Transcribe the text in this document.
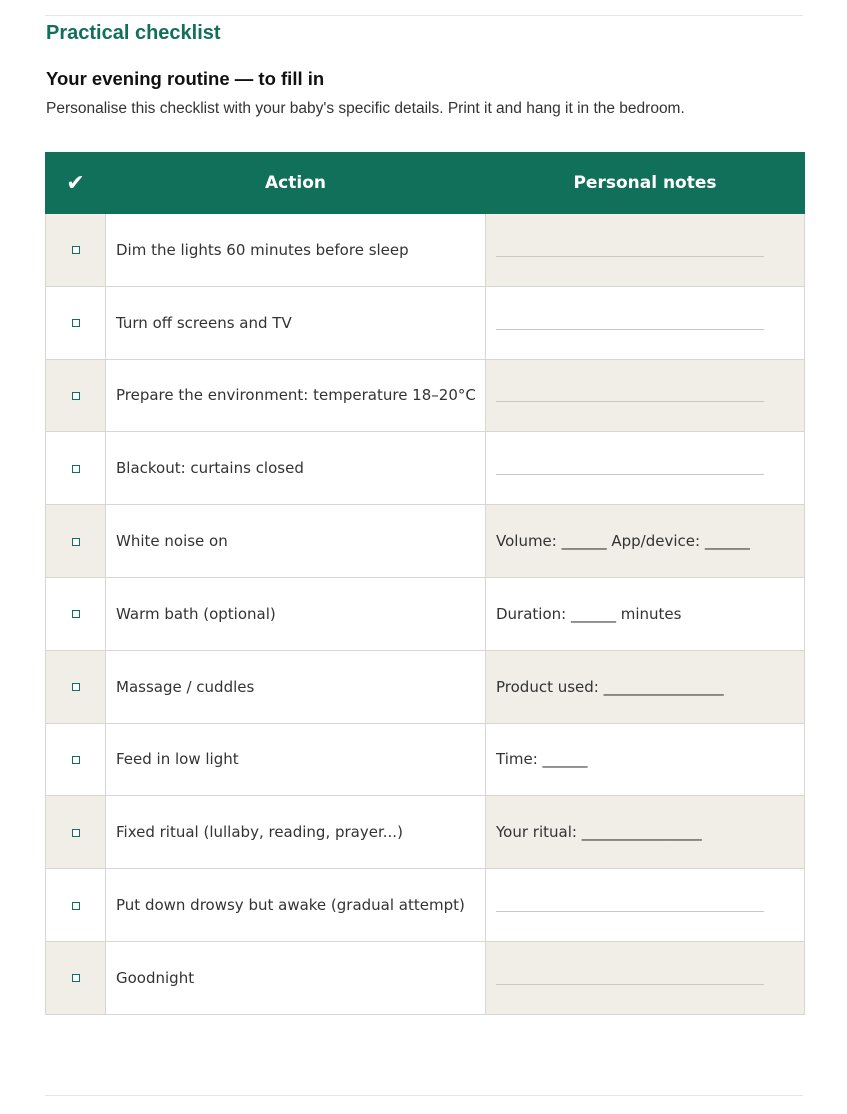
Practical checklist
Your evening routine — to fill in
Personalise this checklist with your baby's specific details. Print it and hang it in the bedroom.
✔	Action	Personal notes
	Dim the lights 60 minutes before sleep	

	Turn off screens and TV	

	Prepare the environment: temperature 18–20°C	

	Blackout: curtains closed	

	White noise on	Volume: ______ App/device: ______
	Warm bath (optional)	Duration: ______ minutes
	Massage / cuddles	Product used: ________________
	Feed in low light	Time: ______
	Fixed ritual (lullaby, reading, prayer...)	Your ritual: ________________
	Put down drowsy but awake (gradual attempt)	

	Goodnight	
